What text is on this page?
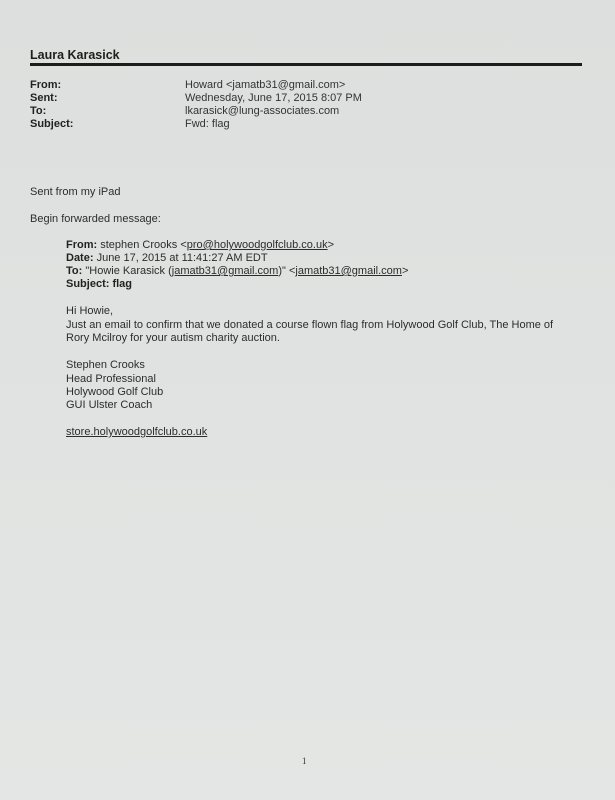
Laura Karasick
From:	Howard <jamatb31@gmail.com>
Sent:	Wednesday, June 17, 2015 8:07 PM
To:	lkarasick@lung-associates.com
Subject:	Fwd: flag
Sent from my iPad
Begin forwarded message:
From: stephen Crooks <pro@holywoodgolfclub.co.uk>
Date: June 17, 2015 at 11:41:27 AM EDT
To: "Howie Karasick (jamatb31@gmail.com)" <jamatb31@gmail.com>
Subject: flag
Hi Howie,
Just an email to confirm that we donated a course flown flag from Holywood Golf Club, The Home of
Rory Mcilroy for your autism charity auction.
Stephen Crooks
Head Professional
Holywood Golf Club
GUI Ulster Coach
store.holywoodgolfclub.co.uk
1
